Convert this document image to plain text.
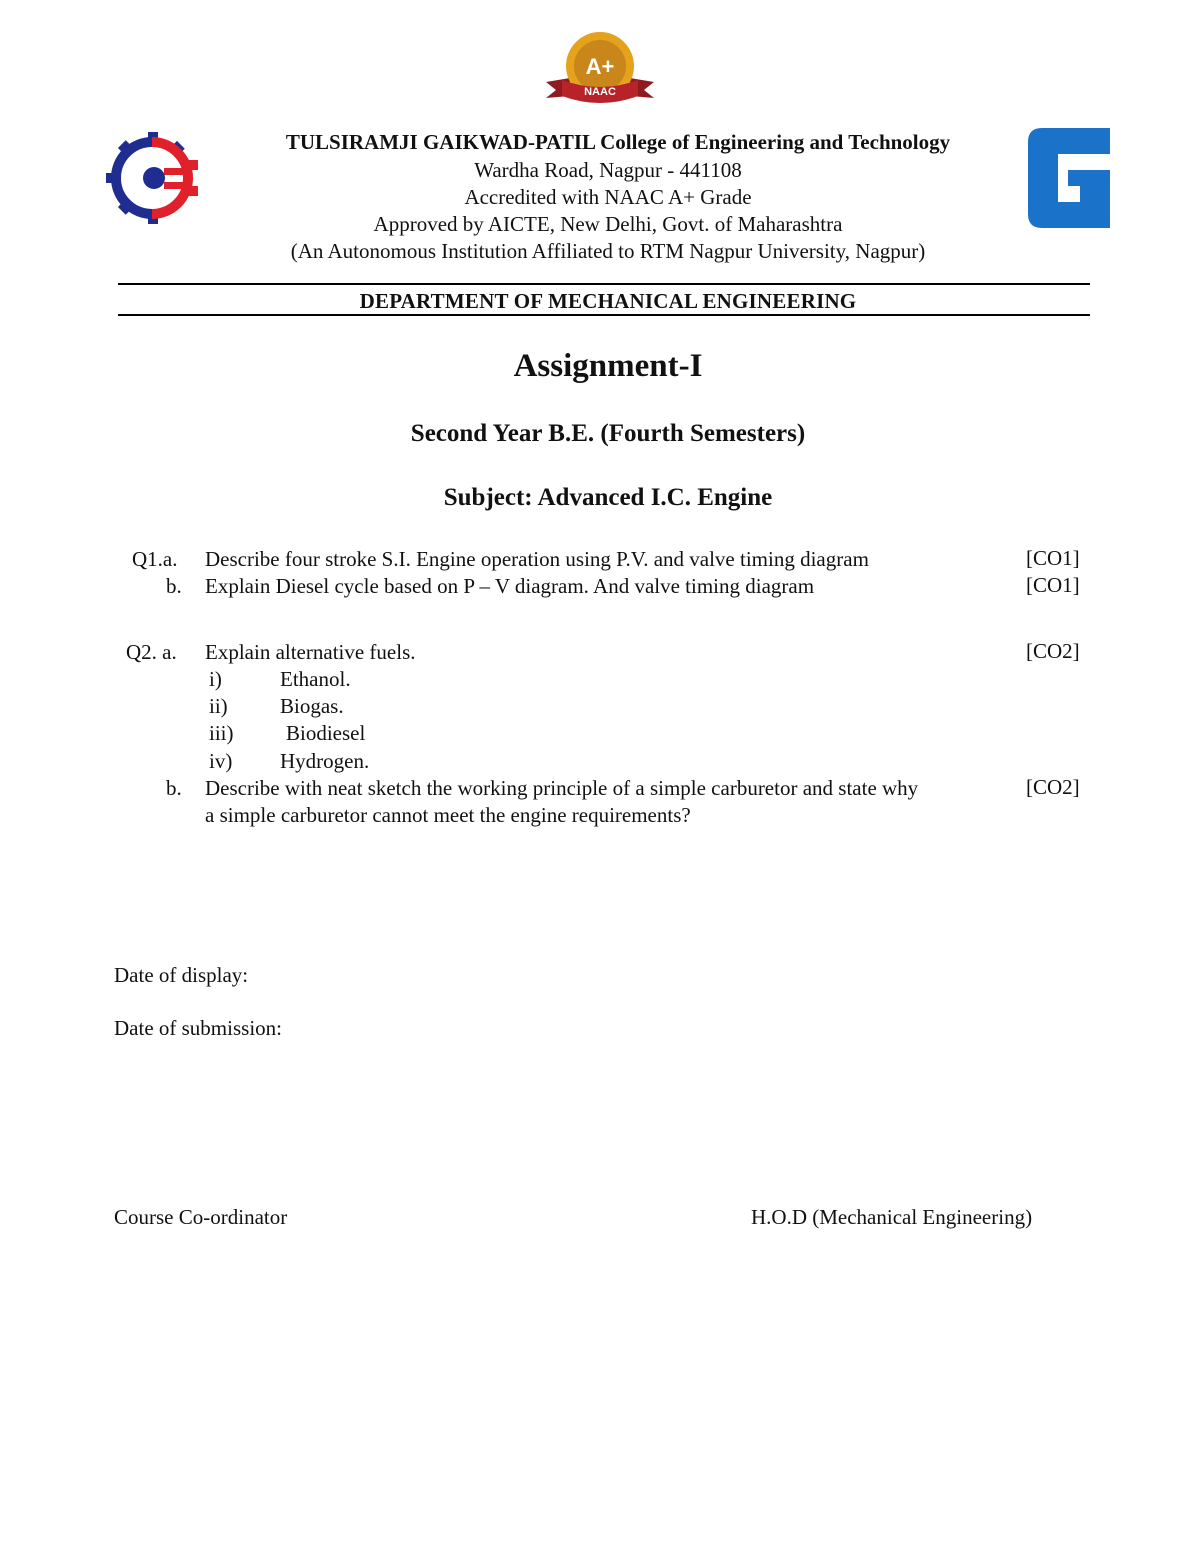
A+
NAAC
TULSIRAMJI GAIKWAD-PATIL College of Engineering and Technology
Wardha Road, Nagpur - 441108
Accredited with NAAC A+ Grade
Approved by AICTE, New Delhi, Govt. of Maharashtra
(An Autonomous Institution Affiliated to RTM Nagpur University, Nagpur)
DEPARTMENT OF MECHANICAL ENGINEERING
Assignment-I
Second Year B.E. (Fourth Semesters)
Subject: Advanced I.C. Engine
Q1.a. Describe four stroke S.I. Engine operation using P.V. and valve timing diagram	[CO1]
b. Explain Diesel cycle based on P – V diagram. And valve timing diagram	[CO1]
Q2. a. Explain alternative fuels.	[CO2]
i)	Ethanol.
ii) Biogas.
iii)	Biodiesel
iv) Hydrogen.
b. Describe with neat sketch the working principle of a simple carburetor and state why
a simple carburetor cannot meet the engine requirements?
[CO2]
Date of display:
Date of submission:
Course Co-ordinator	H.O.D (Mechanical Engineering)
